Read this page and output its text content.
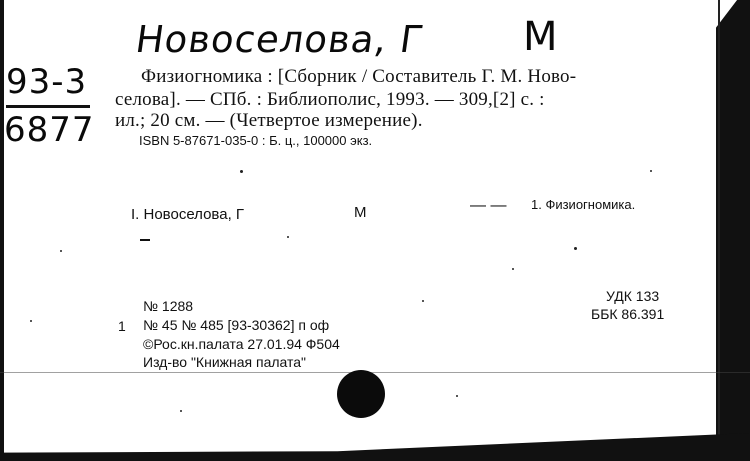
Новоселова, Г М
93-3
6877
Физиогномика : [Сборник / Составитель Г. М. Ново-
селова]. — СПб. : Библиополис, 1993. — 309,[2] с. :
ил.; 20 см. — (Четвертое измерение).
ISBN 5-87671-035-0 : Б. ц., 100000 экз.
I. Новоселова, Г	М	— — 1. Физиогномика.
№ 1288
1 № 45 № 485 [93-30362] п оф
©Рос.кн.палата 27.01.94 Ф504
Изд-во "Книжная палата"
УДК 133
ББК 86.391
